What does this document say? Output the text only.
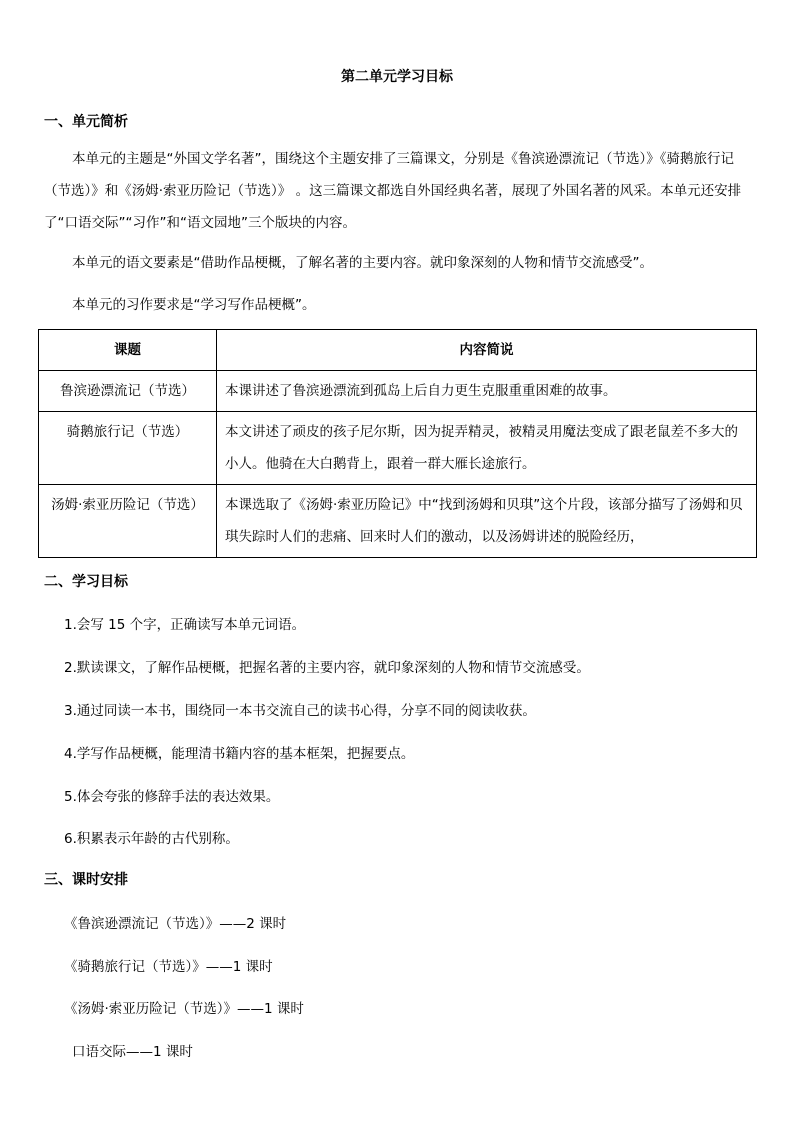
第二单元学习目标
一、单元简析
本单元的主题是“外国文学名著”，围绕这个主题安排了三篇课文，分别是《鲁滨逊漂流记（节选）》《骑鹅旅行记（节选）》和《汤姆·索亚历险记（节选）》 。这三篇课文都选自外国经典名著，展现了外国名著的风采。本单元还安排了“口语交际”“习作”和“语文园地”三个版块的内容。
本单元的语文要素是“借助作品梗概，了解名著的主要内容。就印象深刻的人物和情节交流感受”。
本单元的习作要求是“学习写作品梗概”。
课题	内容简说
鲁滨逊漂流记（节选）	本课讲述了鲁滨逊漂流到孤岛上后自力更生克服重重困难的故事。
骑鹅旅行记（节选）	本文讲述了顽皮的孩子尼尔斯，因为捉弄精灵，被精灵用魔法变成了跟老鼠差不多大的小人。他骑在大白鹅背上，跟着一群大雁长途旅行。
汤姆·索亚历险记（节选）	本课选取了《汤姆·索亚历险记》中“找到汤姆和贝琪”这个片段，该部分描写了汤姆和贝琪失踪时人们的悲痛、回来时人们的激动，以及汤姆讲述的脱险经历，
二、学习目标
1.会写 15 个字，正确读写本单元词语。
2.默读课文，了解作品梗概，把握名著的主要内容，就印象深刻的人物和情节交流感受。
3.通过同读一本书，围绕同一本书交流自己的读书心得，分享不同的阅读收获。
4.学写作品梗概，能理清书籍内容的基本框架，把握要点。
5.体会夸张的修辞手法的表达效果。
6.积累表示年龄的古代别称。
三、课时安排
《鲁滨逊漂流记（节选）》——2 课时
《骑鹅旅行记（节选）》——1 课时
《汤姆·索亚历险记（节选）》——1 课时
口语交际——1 课时
